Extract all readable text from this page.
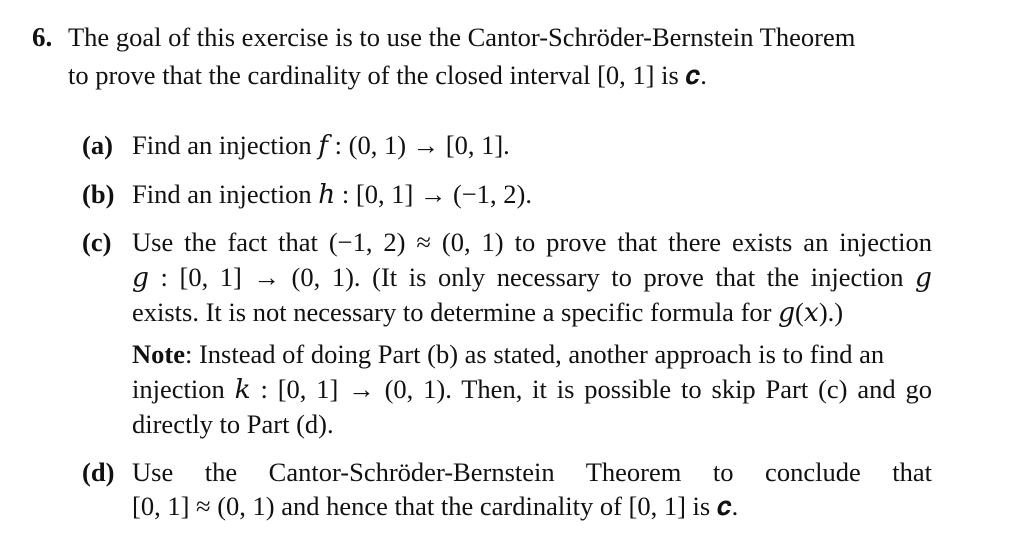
6. The goal of this exercise is to use the Cantor-Schröder-Bernstein Theorem
to prove that the cardinality of the closed interval [0, 1] is 𝒄.
(a) Find an injection 𝑓 : (0, 1) → [0, 1].
(b) Find an injection ℎ : [0, 1] → (−1, 2).
(c) Use the fact that (−1, 2) ≈ (0, 1) to prove that there exists an injection
𝑔 : [0, 1] → (0, 1). (It is only necessary to prove that the injection 𝑔
exists. It is not necessary to determine a specific formula for 𝑔(𝑥).)
Note: Instead of doing Part (b) as stated, another approach is to find an
injection 𝑘 : [0, 1] → (0, 1). Then, it is possible to skip Part (c) and go
directly to Part (d).
(d) Use the Cantor-Schröder-Bernstein Theorem to conclude that
[0, 1] ≈ (0, 1) and hence that the cardinality of [0, 1] is 𝒄.
